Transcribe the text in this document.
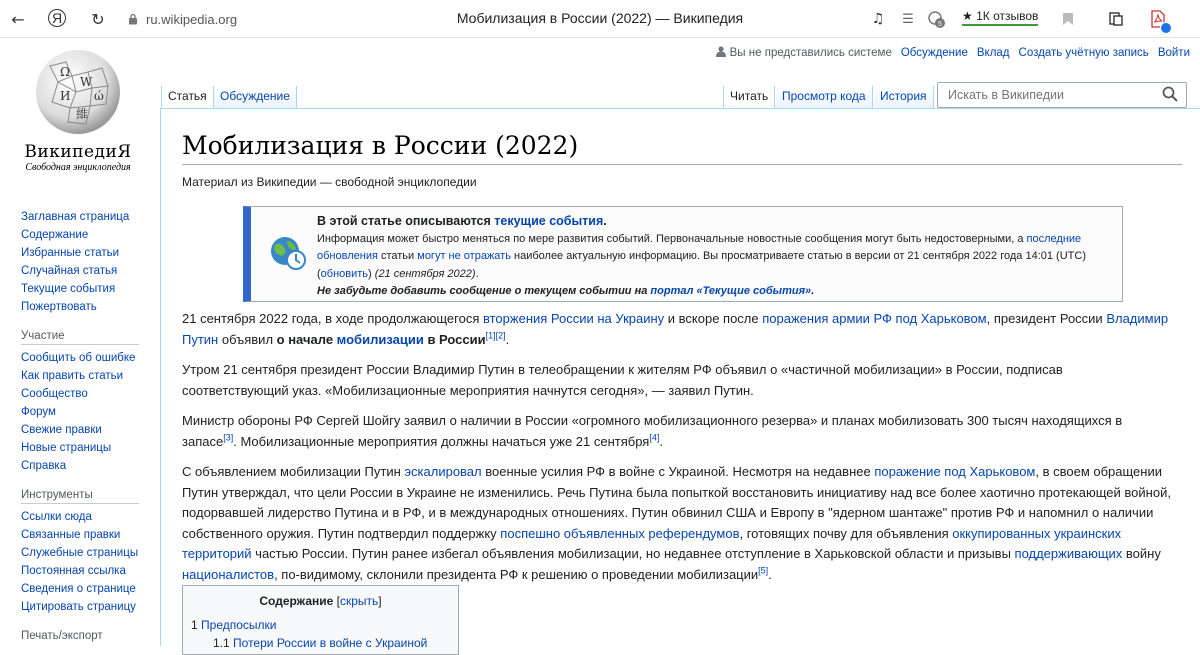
← Я ↻	ru.wikipedia.org	Мобилизация в России (2022) — Википедия	♫	☰	5
★ 1К отзывов
Ω
W
И ώ
維
ВикипедиЯ
Свободная энциклопедия
Заглавная страница
Содержание
Избранные статьи
Случайная статья
Текущие события
Пожертвовать
Участие
Сообщить об ошибке
Как править статьи
Сообщество
Форум
Свежие правки
Новые страницы
Справка
Инструменты
Ссылки сюда
Связанные правки
Служебные страницы
Постоянная ссылка
Сведения о странице
Цитировать страницу
Печать/экспорт
Вы не представились системе Обсуждение Вклад Создать учётную запись Войти
Статья	Обсуждение	Читать	Просмотр кода	История
Искать в Википедии
Мобилизация в России (2022)
Материал из Википедии — свободной энциклопедии
В этой статье описываются текущие события.
Информация может быстро меняться по мере развития событий. Первоначальные новостные сообщения могут быть недостоверными, а последние обновления статьи могут не отражать наиболее актуальную информацию. Вы просматриваете статью в версии от 21 сентября 2022 года 14:01 (UTC) (обновить) (21 сентября 2022).
Не забудьте добавить сообщение о текущем событии на портал «Текущие события».

21 сентября 2022 года, в ходе продолжающегося вторжения России на Украину и вскоре после поражения армии РФ под Харьковом, президент России Владимир Путин объявил о начале мобилизации в России[1][2].

Утром 21 сентября президент России Владимир Путин в телеобращении к жителям РФ объявил о «частичной мобилизации» в России, подписав соответствующий указ. «Мобилизационные мероприятия начнутся сегодня», — заявил Путин.

Министр обороны РФ Сергей Шойгу заявил о наличии в России «огромного мобилизационного резерва» и планах мобилизовать 300 тысяч находящихся в запасе[3]. Мобилизационные мероприятия должны начаться уже 21 сентября[4].

С объявлением мобилизации Путин эскалировал военные усилия РФ в войне с Украиной. Несмотря на недавнее поражение под Харьковом, в своем обращении Путин утверждал, что цели России в Украине не изменились. Речь Путина была попыткой восстановить инициативу над все более хаотично протекающей войной, подорвавшей лидерство Путина и в РФ, и в международных отношениях. Путин обвинил США и Европу в "ядерном шантаже" против РФ и напомнил о наличии собственного оружия. Путин подтвердил поддержку поспешно объявленных референдумов, готовящих почву для объявления оккупированных украинских территорий частью России. Путин ранее избегал объявления мобилизации, но недавнее отступление в Харьковской области и призывы поддерживающих войну националистов, по-видимому, склонили президента РФ к решению о проведении мобилизации[5].

Содержание [скрыть]
1 Предпосылки
1.1 Потери России в войне с Украиной
